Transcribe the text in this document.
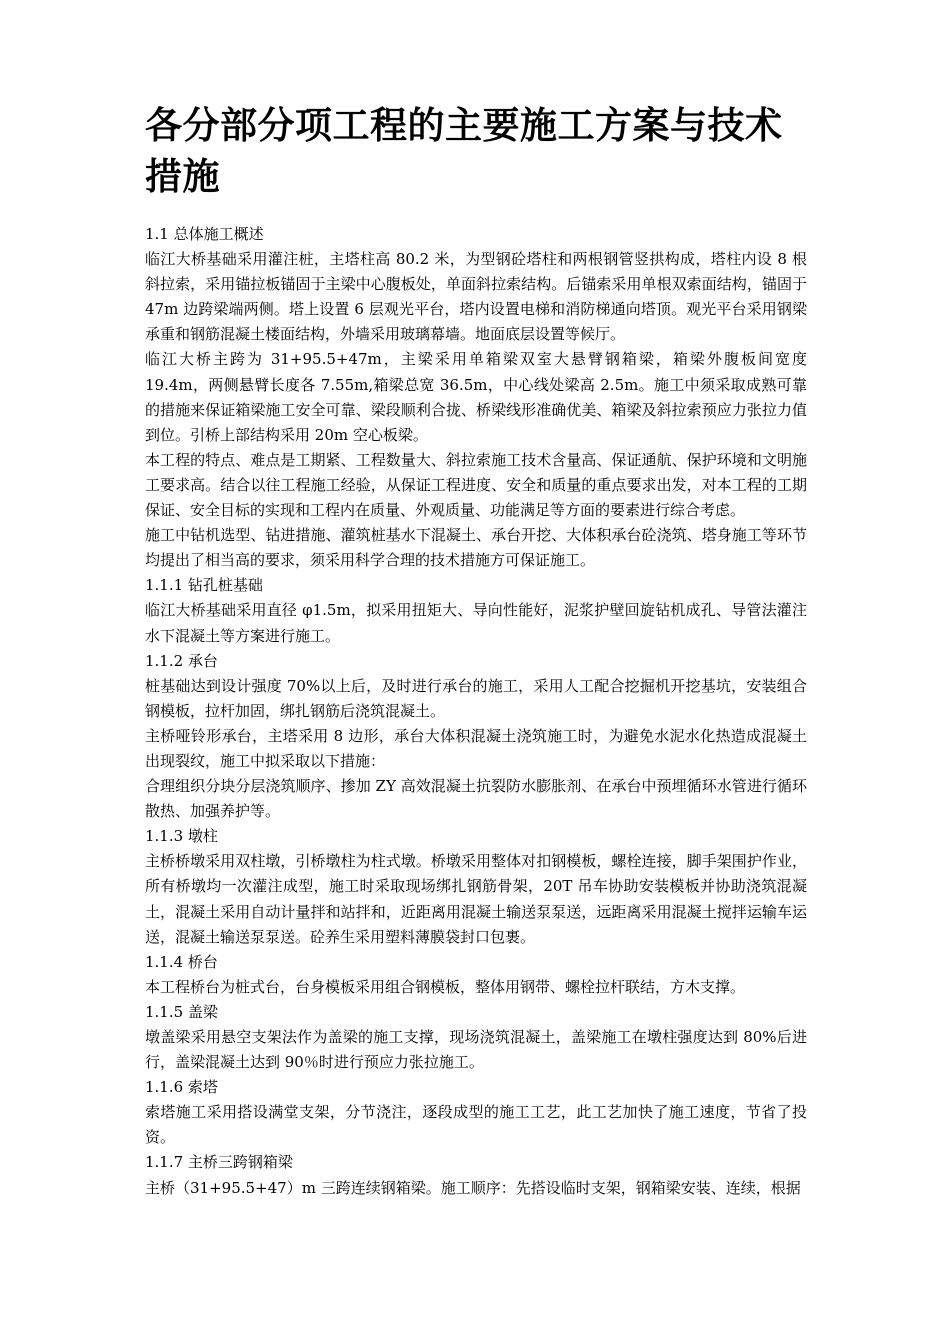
各分部分项工程的主要施工方案与技术措施

1.1 总体施工概述

临江大桥基础采用灌注桩，主塔柱高 80.2 米，为型钢砼塔柱和两根钢管竖拱构成，塔柱内设 8 根斜拉索，采用锚拉板锚固于主梁中心腹板处，单面斜拉索结构。后锚索采用单根双索面结构，锚固于 47m 边跨梁端两侧。塔上设置 6 层观光平台，塔内设置电梯和消防梯通向塔顶。观光平台采用钢梁承重和钢筋混凝土楼面结构，外墙采用玻璃幕墙。地面底层设置等候厅。

临江大桥主跨为 31+95.5+47m，主梁采用单箱梁双室大悬臂钢箱梁，箱梁外腹板间宽度 19.4m，两侧悬臂长度各 7.55m,箱梁总宽 36.5m，中心线处梁高 2.5m。施工中须采取成熟可靠的措施来保证箱梁施工安全可靠、梁段顺利合拢、桥梁线形准确优美、箱梁及斜拉索预应力张拉力值到位。引桥上部结构采用 20m 空心板梁。

本工程的特点、难点是工期紧、工程数量大、斜拉索施工技术含量高、保证通航、保护环境和文明施工要求高。结合以往工程施工经验，从保证工程进度、安全和质量的重点要求出发，对本工程的工期保证、安全目标的实现和工程内在质量、外观质量、功能满足等方面的要素进行综合考虑。

施工中钻机选型、钻进措施、灌筑桩基水下混凝土、承台开挖、大体积承台砼浇筑、塔身施工等环节均提出了相当高的要求，须采用科学合理的技术措施方可保证施工。

1.1.1 钻孔桩基础

临江大桥基础采用直径 φ1.5m，拟采用扭矩大、导向性能好，泥浆护壁回旋钻机成孔、导管法灌注水下混凝土等方案进行施工。

1.1.2 承台

桩基础达到设计强度 70%以上后，及时进行承台的施工，采用人工配合挖掘机开挖基坑，安装组合钢模板，拉杆加固，绑扎钢筋后浇筑混凝土。

主桥哑铃形承台，主塔采用 8 边形，承台大体积混凝土浇筑施工时，为避免水泥水化热造成混凝土出现裂纹，施工中拟采取以下措施：

合理组织分块分层浇筑顺序、掺加 ZY 高效混凝土抗裂防水膨胀剂、在承台中预埋循环水管进行循环散热、加强养护等。

1.1.3 墩柱

主桥桥墩采用双柱墩，引桥墩柱为柱式墩。桥墩采用整体对扣钢模板，螺栓连接，脚手架围护作业，所有桥墩均一次灌注成型，施工时采取现场绑扎钢筋骨架，20T 吊车协助安装模板并协助浇筑混凝土，混凝土采用自动计量拌和站拌和，近距离用混凝土输送泵泵送，远距离采用混凝土搅拌运输车运送，混凝土输送泵泵送。砼养生采用塑料薄膜袋封口包裹。

1.1.4 桥台

本工程桥台为桩式台，台身模板采用组合钢模板，整体用钢带、螺栓拉杆联结，方木支撑。

1.1.5 盖梁

墩盖梁采用悬空支架法作为盖梁的施工支撑，现场浇筑混凝土，盖梁施工在墩柱强度达到 80%后进行，盖梁混凝土达到 90％时进行预应力张拉施工。

1.1.6 索塔

索塔施工采用搭设满堂支架，分节浇注，逐段成型的施工工艺，此工艺加快了施工速度，节省了投资。

1.1.7 主桥三跨钢箱梁

主桥（31+95.5+47）m 三跨连续钢箱梁。施工顺序：先搭设临时支架，钢箱梁安装、连续，根据
